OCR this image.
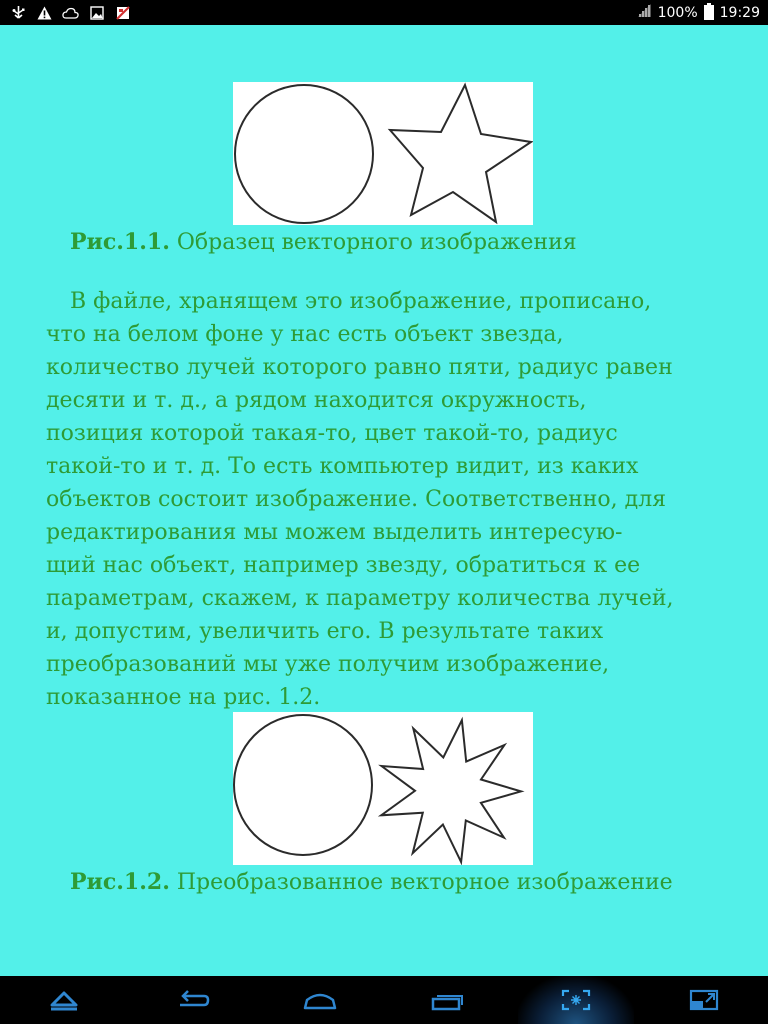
100% 19:29
Рис.1.1. Образец векторного изображения
В файле, хранящем это изображение, прописано,
что на белом фоне у нас есть объект звезда,
количество лучей которого равно пяти, радиус равен
десяти и т. д., а рядом находится окружность,
позиция которой такая-то, цвет такой-то, радиус
такой-то и т. д. То есть компьютер видит, из каких
объектов состоит изображение. Соответственно, для
редактирования мы можем выделить интересую-
щий нас объект, например звезду, обратиться к ее
параметрам, скажем, к параметру количества лучей,
и, допустим, увеличить его. В результате таких
преобразований мы уже получим изображение,
показанное на рис. 1.2.
Рис.1.2. Преобразованное векторное изображение
